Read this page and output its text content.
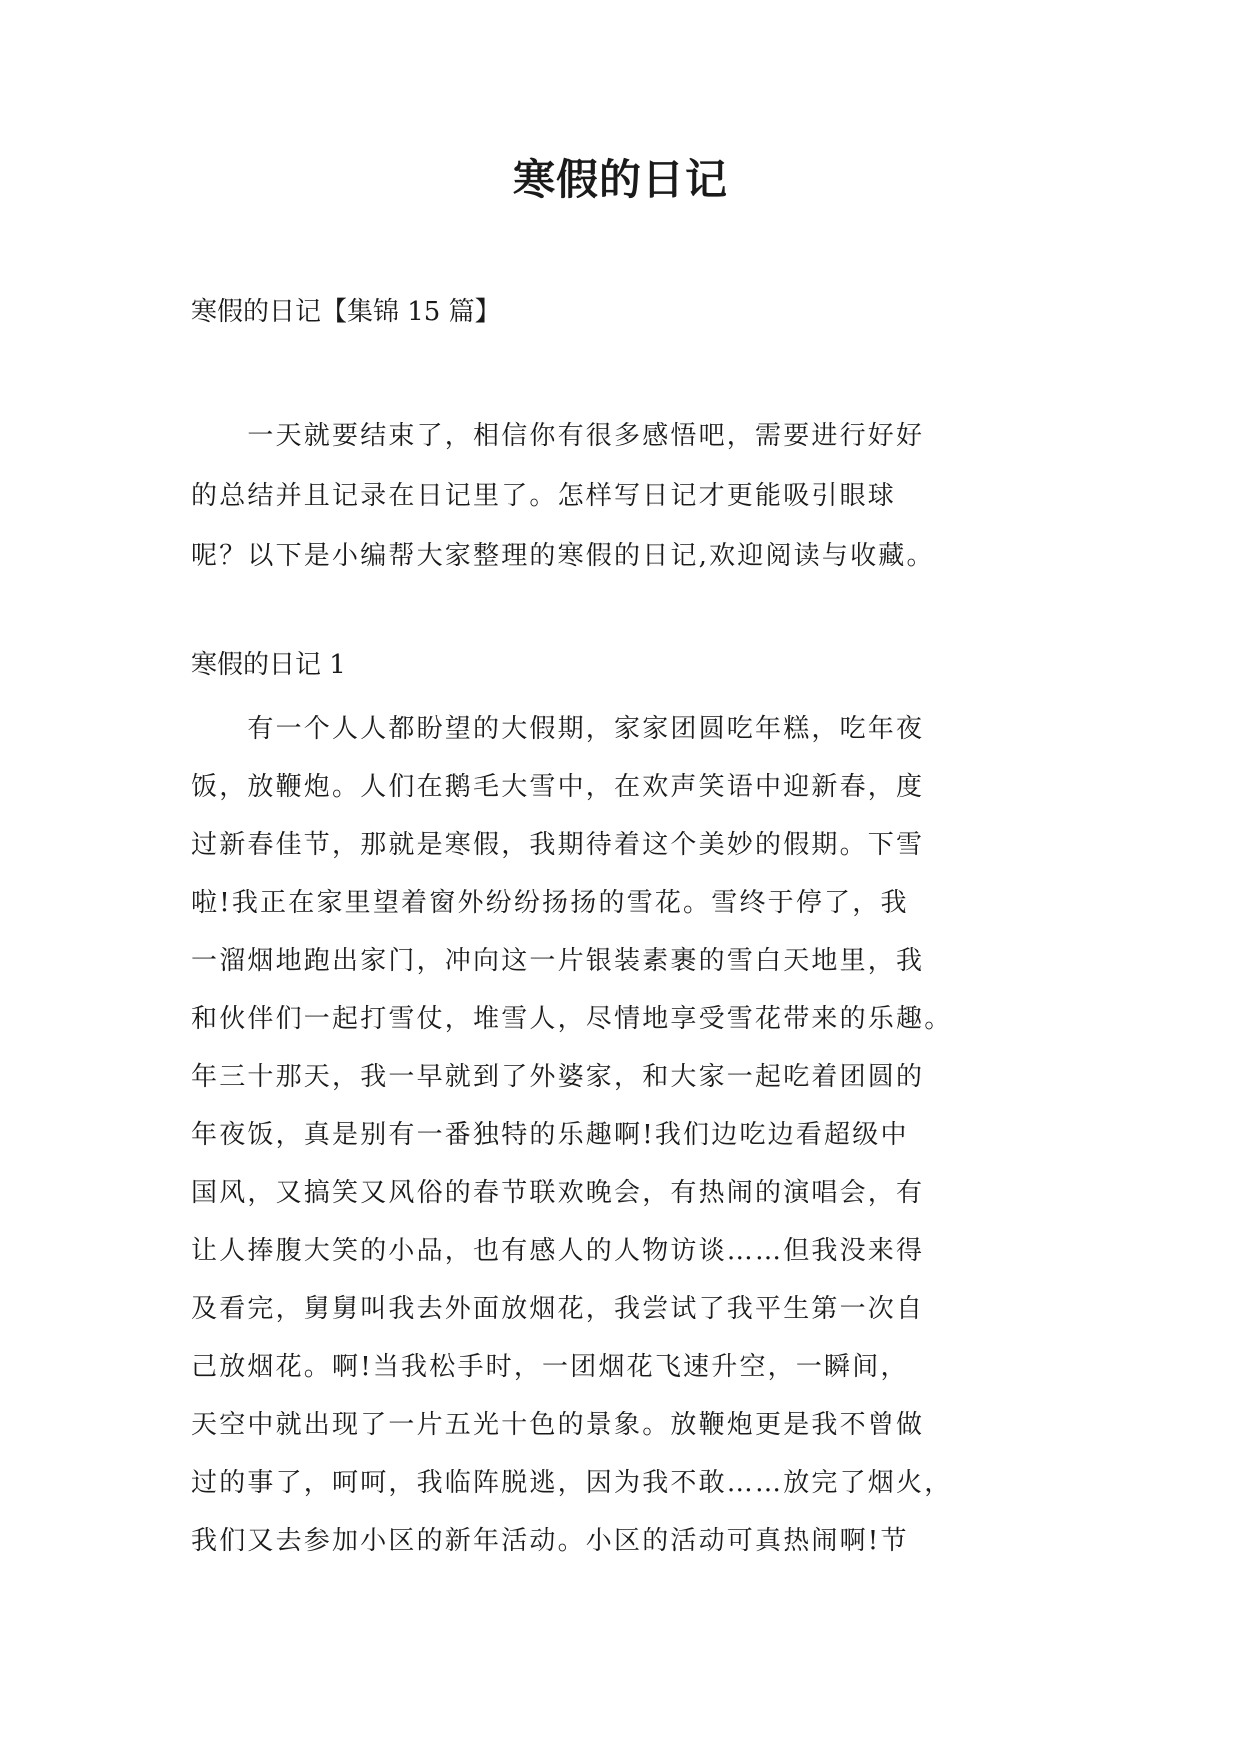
寒假的日记
寒假的日记【集锦 15 篇】
　　一天就要结束了，相信你有很多感悟吧，需要进行好好
的总结并且记录在日记里了。怎样写日记才更能吸引眼球
呢？以下是小编帮大家整理的寒假的日记,欢迎阅读与收藏。
寒假的日记 1
　　有一个人人都盼望的大假期，家家团圆吃年糕，吃年夜
饭，放鞭炮。人们在鹅毛大雪中，在欢声笑语中迎新春，度
过新春佳节，那就是寒假，我期待着这个美妙的假期。下雪
啦!我正在家里望着窗外纷纷扬扬的雪花。雪终于停了，我
一溜烟地跑出家门，冲向这一片银装素裹的雪白天地里，我
和伙伴们一起打雪仗，堆雪人，尽情地享受雪花带来的乐趣。
年三十那天，我一早就到了外婆家，和大家一起吃着团圆的
年夜饭，真是别有一番独特的乐趣啊!我们边吃边看超级中
国风，又搞笑又风俗的春节联欢晚会，有热闹的演唱会，有
让人捧腹大笑的小品，也有感人的人物访谈……但我没来得
及看完，舅舅叫我去外面放烟花，我尝试了我平生第一次自
己放烟花。啊!当我松手时，一团烟花飞速升空，一瞬间，
天空中就出现了一片五光十色的景象。放鞭炮更是我不曾做
过的事了，呵呵，我临阵脱逃，因为我不敢……放完了烟火，
我们又去参加小区的新年活动。小区的活动可真热闹啊!节
